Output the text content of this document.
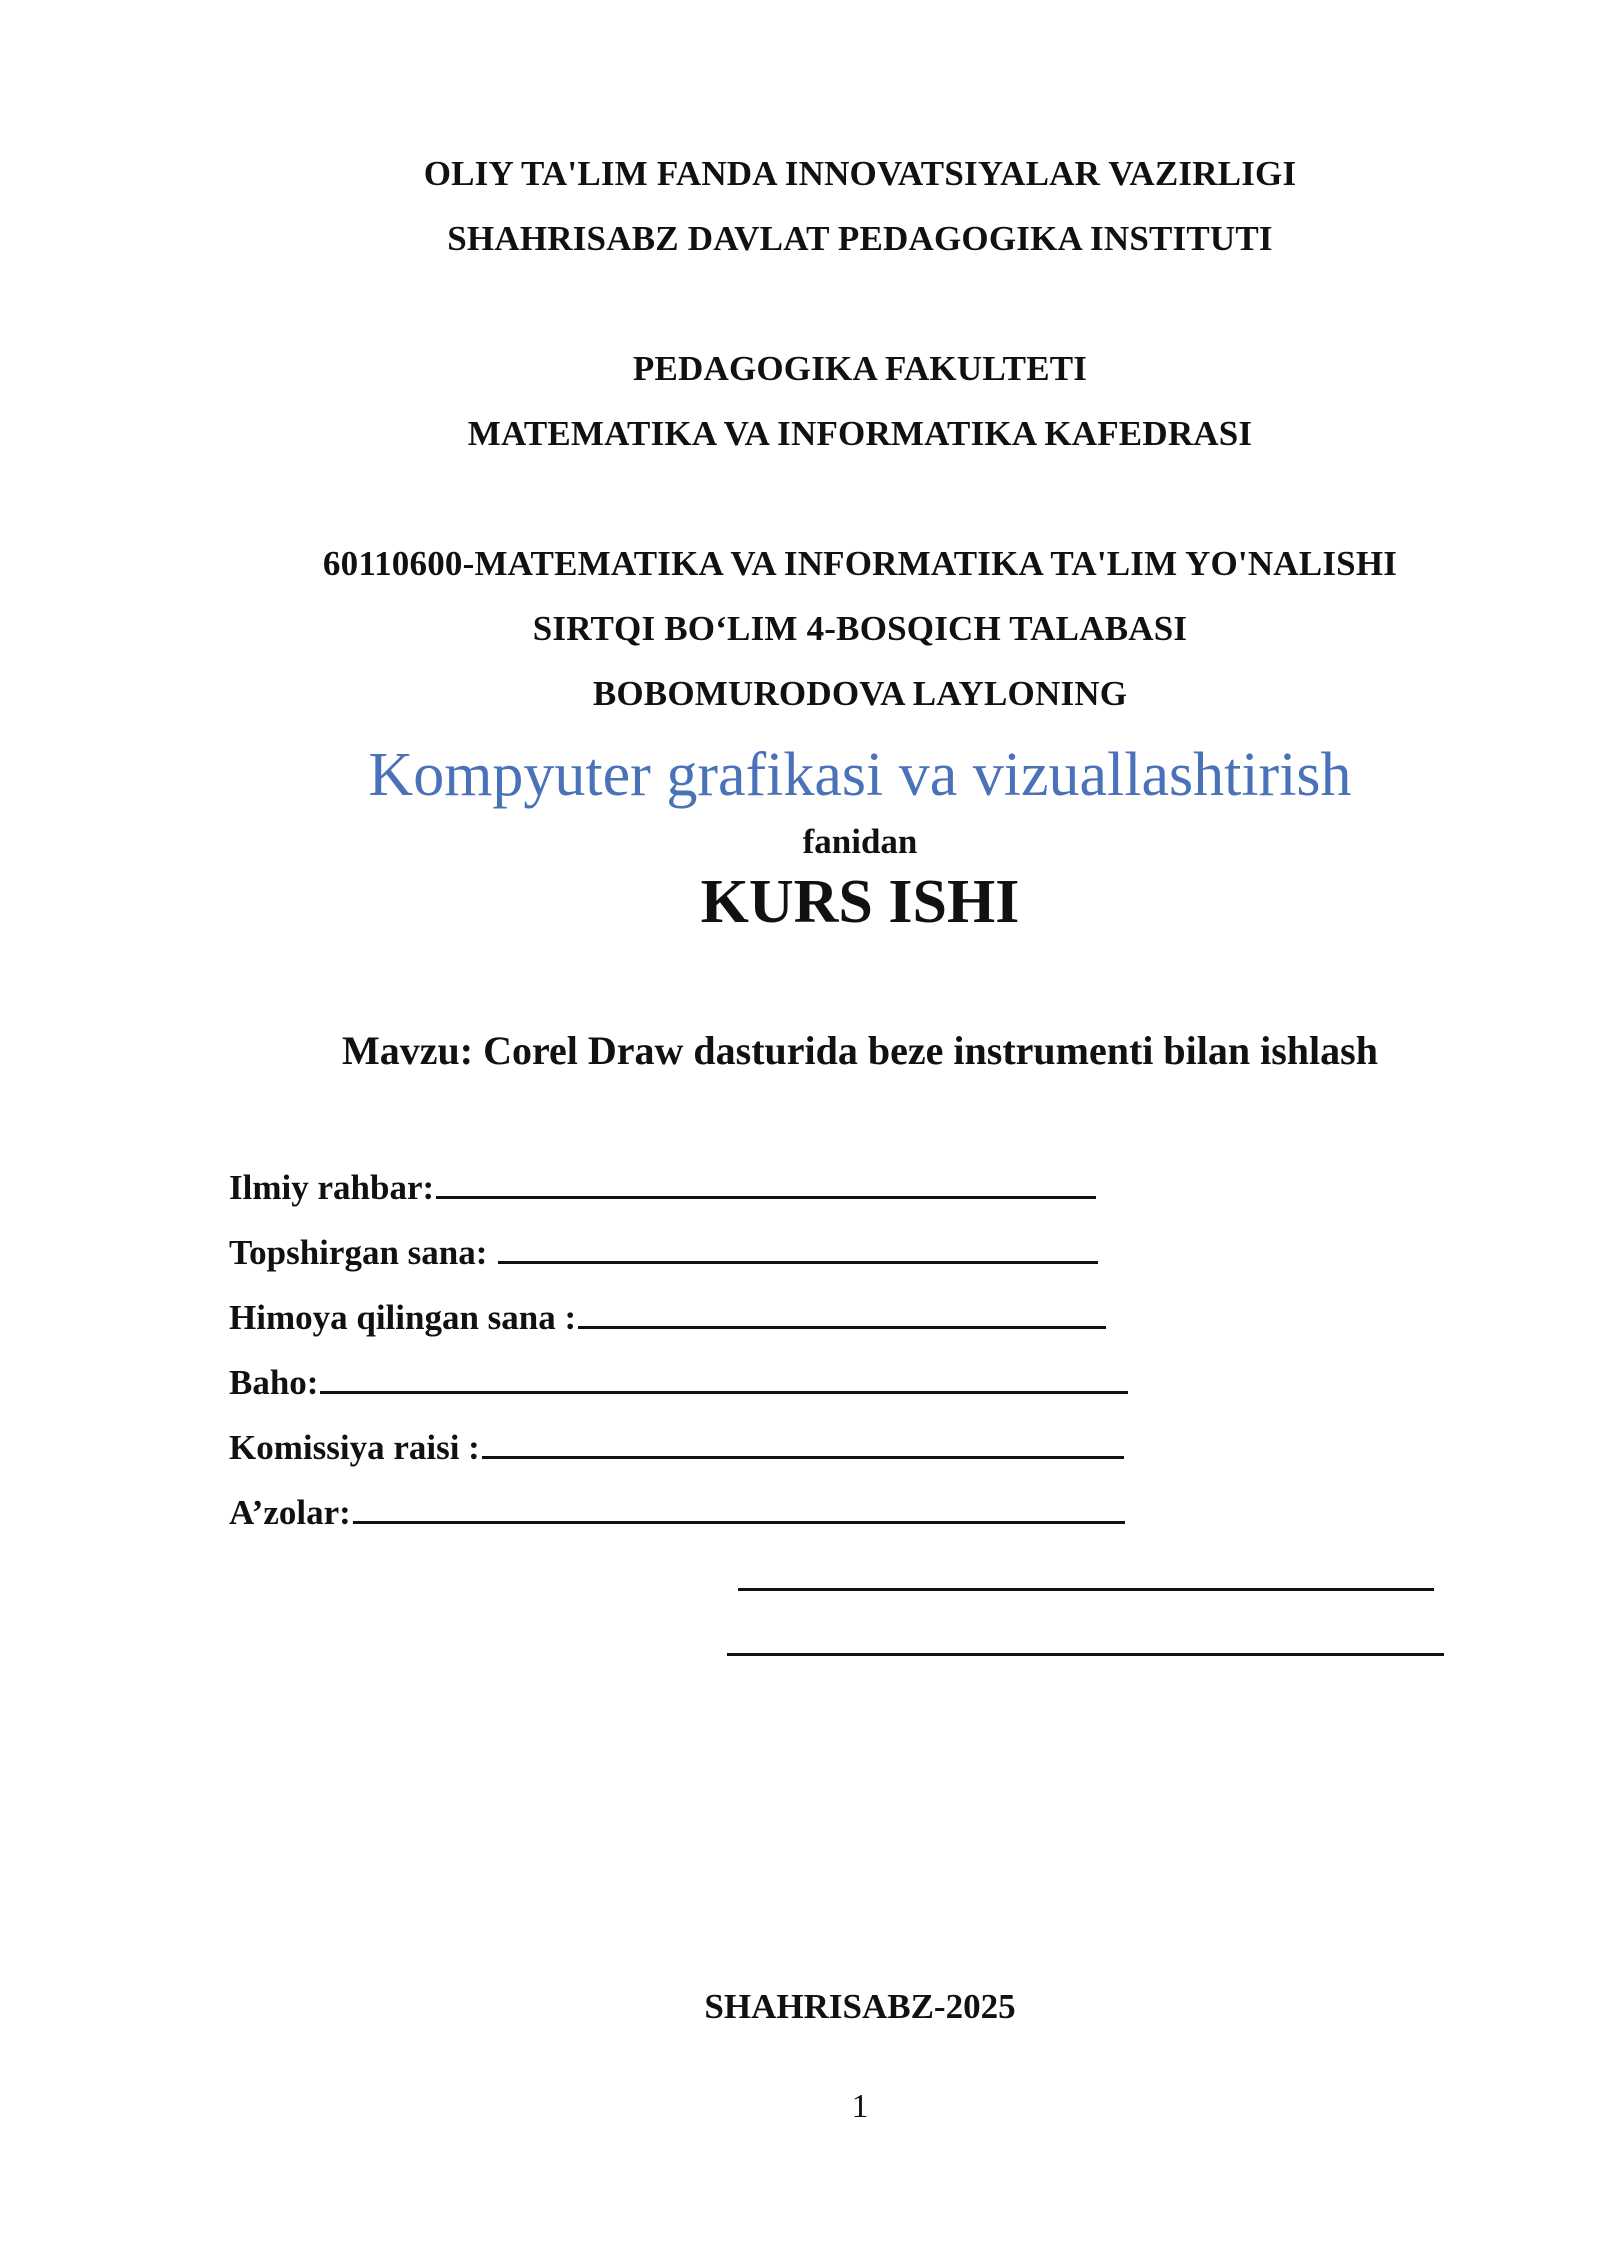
OLIY TA'LIM FANDA INNOVATSIYALAR VAZIRLIGI
SHAHRISABZ DAVLAT PEDAGOGIKA INSTITUTI
PEDAGOGIKA FAKULTETI
MATEMATIKA VA INFORMATIKA KAFEDRASI
60110600-MATEMATIKA VA INFORMATIKA TA'LIM YO'NALISHI
SIRTQI BO‘LIM 4-BOSQICH TALABASI
BOBOMURODOVA LAYLONING
Kompyuter grafikasi va vizuallashtirish
fanidan
KURS ISHI
Mavzu: Corel Draw dasturida beze instrumenti bilan ishlash
Ilmiy rahbar:
Topshirgan sana:
Himoya qilingan sana :
Baho:
Komissiya raisi :
A’zolar:
SHAHRISABZ-2025
1
